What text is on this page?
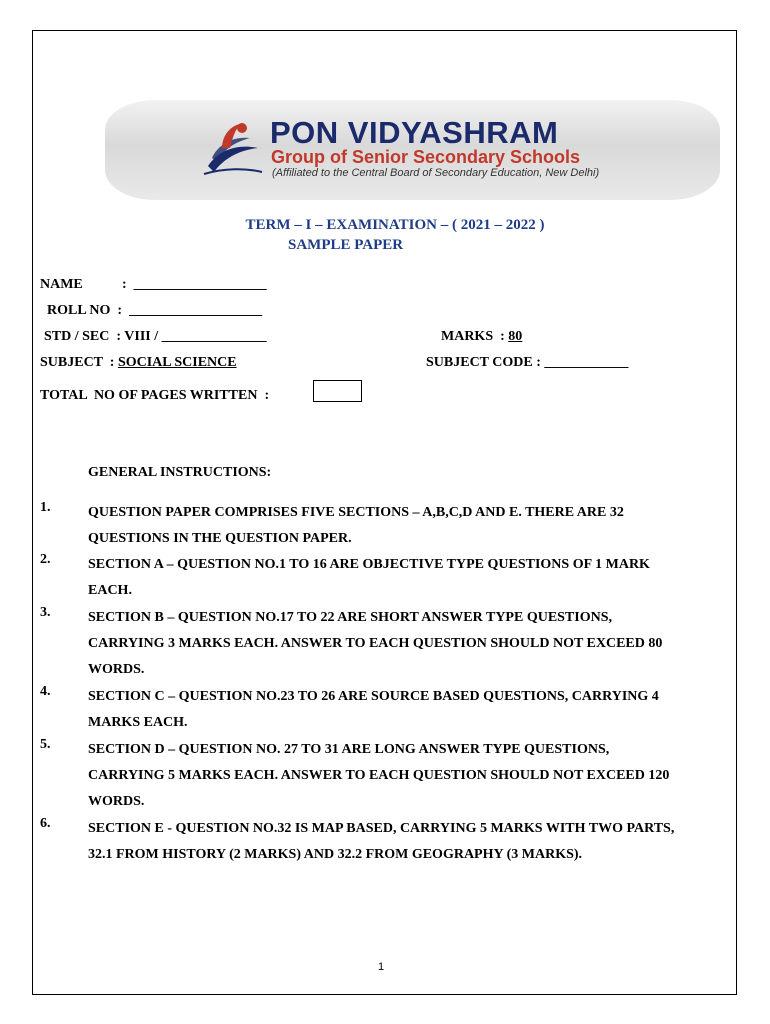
PON VIDYASHRAM
Group of Senior Secondary Schools
(Affiliated to the Central Board of Secondary Education, New Delhi)
TERM – I – EXAMINATION – ( 2021 – 2022 )
SAMPLE PAPER
NAME	:  ___________________
ROLL NO  :  ___________________
STD / SEC  : VIII / _______________	MARKS  : 80
SUBJECT  : SOCIAL SCIENCE	SUBJECT CODE : ____________
TOTAL  NO OF PAGES WRITTEN  :
GENERAL INSTRUCTIONS:
1.	QUESTION PAPER COMPRISES FIVE SECTIONS – A,B,C,D AND E. THERE ARE 32 QUESTIONS IN THE QUESTION PAPER.
2.	SECTION A – QUESTION NO.1 TO 16 ARE OBJECTIVE TYPE QUESTIONS OF 1 MARK EACH.
3.	SECTION B – QUESTION NO.17 TO 22 ARE SHORT ANSWER TYPE QUESTIONS, CARRYING 3 MARKS EACH. ANSWER TO EACH QUESTION SHOULD NOT EXCEED 80 WORDS.
4.	SECTION C – QUESTION NO.23 TO 26 ARE SOURCE BASED QUESTIONS, CARRYING 4 MARKS EACH.
5.	SECTION D – QUESTION NO. 27 TO 31 ARE LONG ANSWER TYPE QUESTIONS, CARRYING 5 MARKS EACH. ANSWER TO EACH QUESTION SHOULD NOT EXCEED 120 WORDS.
6.	SECTION E - QUESTION NO.32 IS MAP BASED, CARRYING 5 MARKS WITH TWO PARTS, 32.1 FROM HISTORY (2 MARKS) AND 32.2 FROM GEOGRAPHY (3 MARKS).
1
